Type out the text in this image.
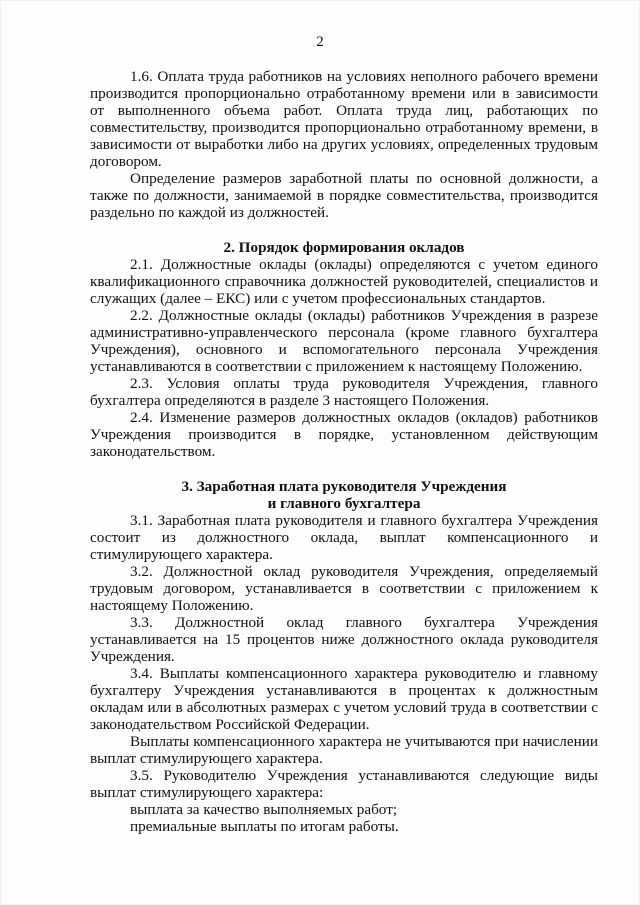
2

1.6. Оплата труда работников на условиях неполного рабочего времени производится пропорционально отработанному времени или в зависимости от выполненного объема работ. Оплата труда лиц, работающих по совместительству, производится пропорционально отработанному времени, в зависимости от выработки либо на других условиях, определенных трудовым договором.

Определение размеров заработной платы по основной должности, а также по должности, занимаемой в порядке совместительства, производится раздельно по каждой из должностей.

2. Порядок формирования окладов

2.1. Должностные оклады (оклады) определяются с учетом единого квалификационного справочника должностей руководителей, специалистов и служащих (далее – ЕКС) или с учетом профессиональных стандартов.

2.2. Должностные оклады (оклады) работников Учреждения в разрезе административно-управленческого персонала (кроме главного бухгалтера Учреждения), основного и вспомогательного персонала Учреждения устанавливаются в соответствии с приложением к настоящему Положению.

2.3. Условия оплаты труда руководителя Учреждения, главного бухгалтера определяются в разделе 3 настоящего Положения.

2.4. Изменение размеров должностных окладов (окладов) работников Учреждения производится в порядке, установленном действующим законодательством.

3. Заработная плата руководителя Учреждения
и главного бухгалтера

3.1. Заработная плата руководителя и главного бухгалтера Учреждения состоит из должностного оклада, выплат компенсационного и стимулирующего характера.

3.2. Должностной оклад руководителя Учреждения, определяемый трудовым договором, устанавливается в соответствии с приложением к настоящему Положению.

3.3. Должностной оклад главного бухгалтера Учреждения устанавливается на 15 процентов ниже должностного оклада руководителя Учреждения.

3.4. Выплаты компенсационного характера руководителю и главному бухгалтеру Учреждения устанавливаются в процентах к должностным окладам или в абсолютных размерах с учетом условий труда в соответствии с законодательством Российской Федерации.

Выплаты компенсационного характера не учитываются при начислении выплат стимулирующего характера.

3.5. Руководителю Учреждения устанавливаются следующие виды выплат стимулирующего характера:

выплата за качество выполняемых работ;

премиальные выплаты по итогам работы.
